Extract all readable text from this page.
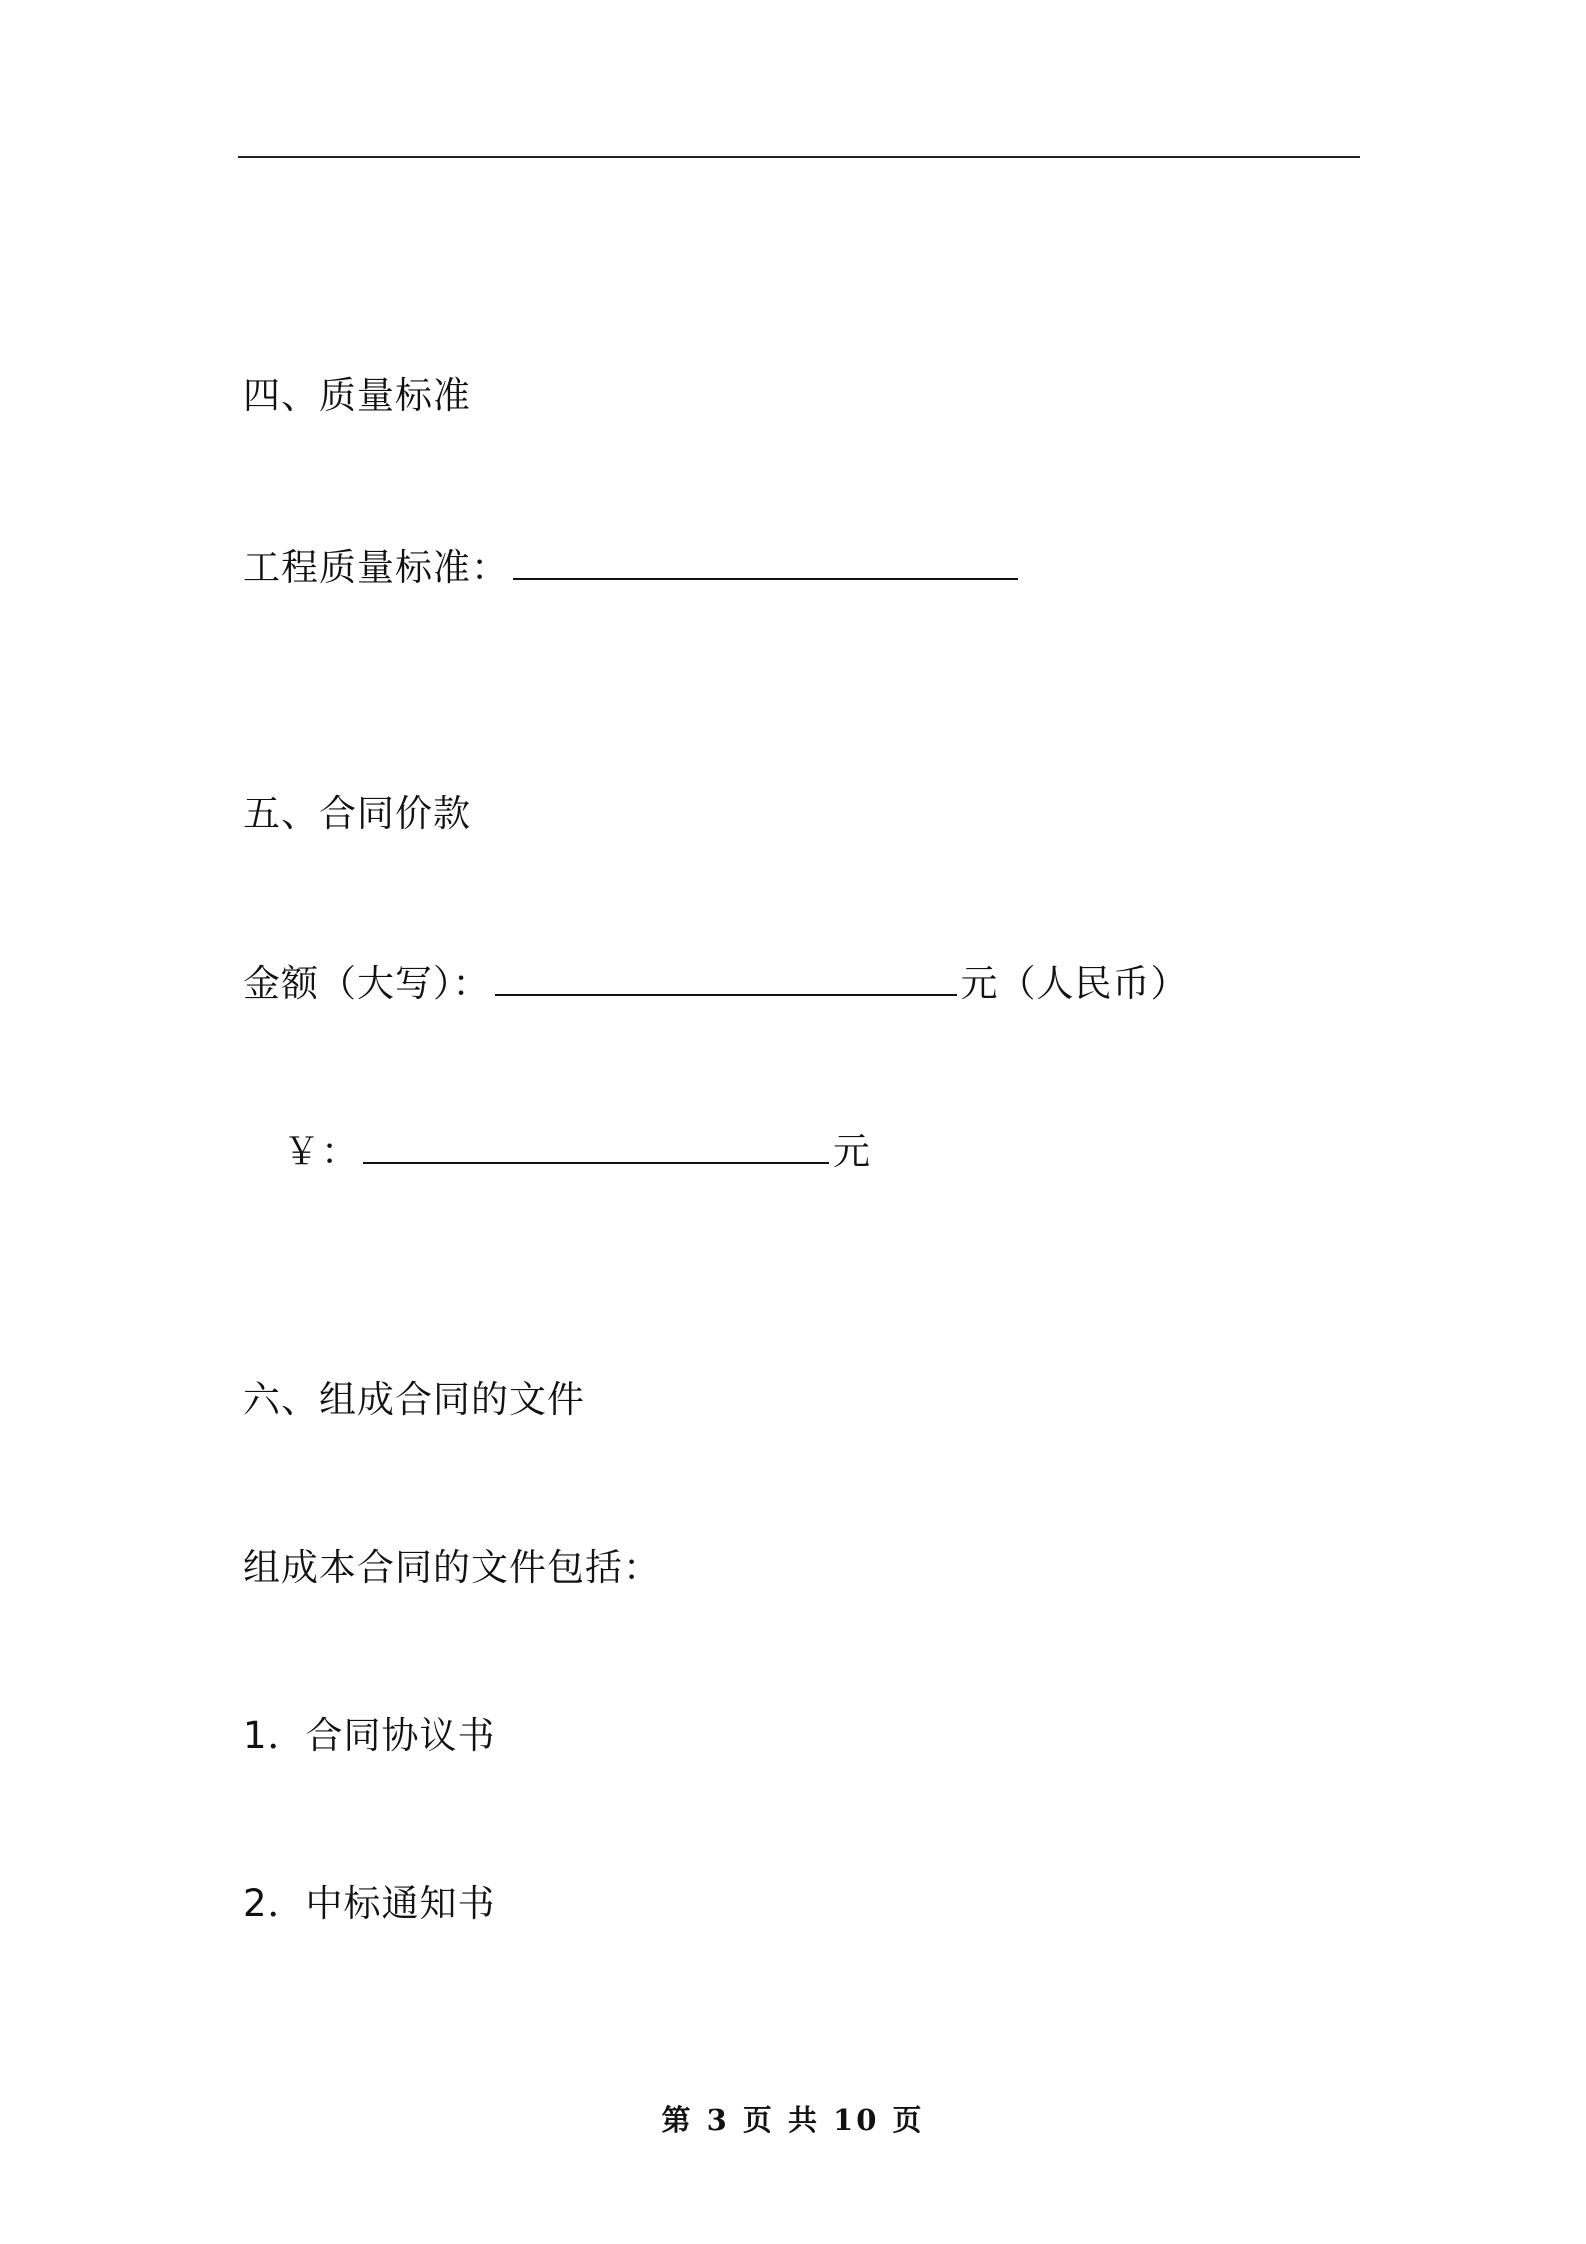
四、质量标准
工程质量标准：
五、合同价款
金额（大写）：	元（人民币）
￥：	元
六、组成合同的文件
组成本合同的文件包括：
1．合同协议书
2．中标通知书
第 3 页 共 10 页
